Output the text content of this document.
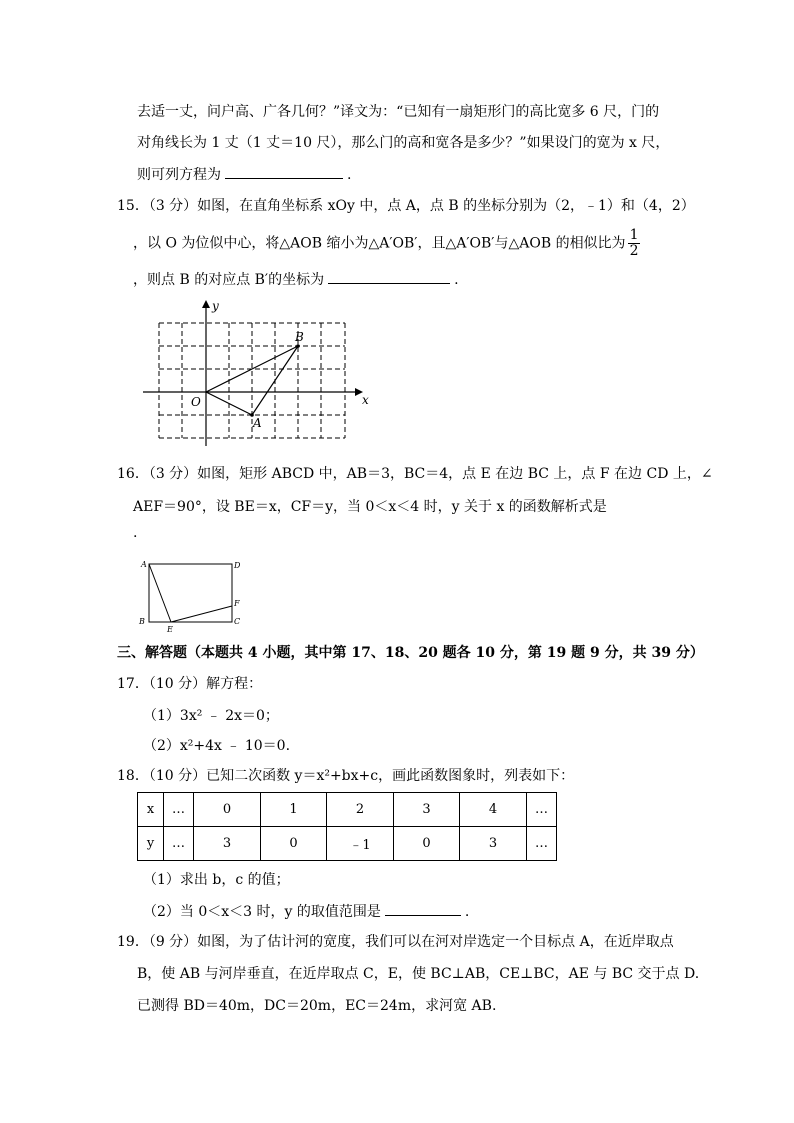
去适一丈，问户高、广各几何？”译文为：“已知有一扇矩形门的高比宽多 6 尺，门的
对角线长为 1 丈（1 丈＝10 尺），那么门的高和宽各是多少？”如果设门的宽为 x 尺，
则可列方程为	.
15．（3 分）如图，在直角坐标系 xOy 中，点 A，点 B 的坐标分别为（2，﹣1）和（4，2）
，以 O 为位似中心，将△AOB 缩小为△A′OB′，且△A′OB′与△AOB 的相似比为 $\frac{1}{2}$
，则点 B 的对应点 B′的坐标为	.
y
x
O
A
B
16．（3 分）如图，矩形 ABCD 中，AB＝3，BC＝4，点 E 在边 BC 上，点 F 在边 CD 上，∠
AEF＝90°，设 BE＝x，CF＝y，当 0＜x＜4 时，y 关于 x 的函数解析式是
.
A	D
B	C
E
F
三、解答题（本题共 4 小题，其中第 17、18、20 题各 10 分，第 19 题 9 分，共 39 分）
17．（10 分）解方程：
（1）3x² ﹣ 2x＝0；
（2）x²+4x ﹣ 10＝0.
18．（10 分）已知二次函数 y＝x²+bx+c，画此函数图象时，列表如下：
x	…	0	1	2	3	4	…
y	…	3	0	﹣1	0	3	…
（1）求出 b，c 的值；
（2）当 0＜x＜3 时，y 的取值范围是	.
19．（9 分）如图，为了估计河的宽度，我们可以在河对岸选定一个目标点 A，在近岸取点
B，使 AB 与河岸垂直，在近岸取点 C，E，使 BC⊥AB，CE⊥BC，AE 与 BC 交于点 D.
已测得 BD＝40m，DC＝20m，EC＝24m，求河宽 AB.
